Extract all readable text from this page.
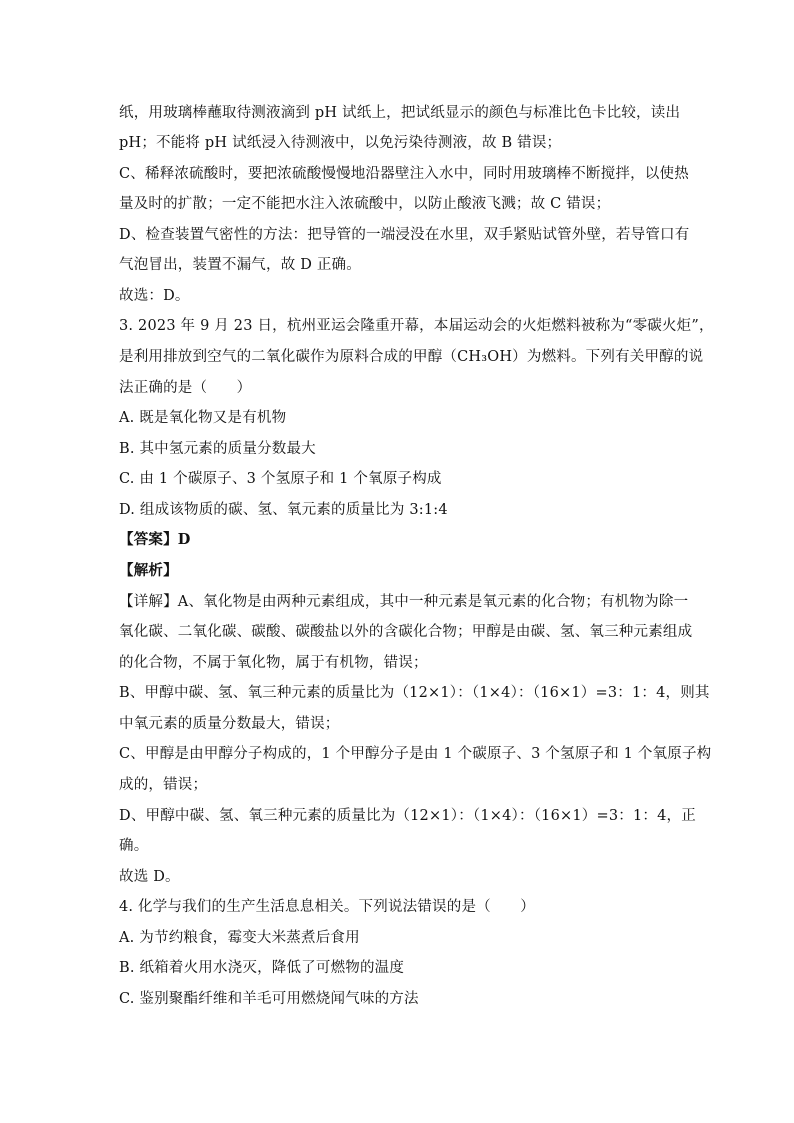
纸，用玻璃棒蘸取待测液滴到 pH 试纸上，把试纸显示的颜色与标准比色卡比较，读出
pH；不能将 pH 试纸浸入待测液中，以免污染待测液，故 B 错误；
C、稀释浓硫酸时，要把浓硫酸慢慢地沿器壁注入水中，同时用玻璃棒不断搅拌，以使热
量及时的扩散；一定不能把水注入浓硫酸中，以防止酸液飞溅；故 C 错误；
D、检查装置气密性的方法：把导管的一端浸没在水里，双手紧贴试管外壁，若导管口有
气泡冒出，装置不漏气，故 D 正确。
故选：D。
3. 2023 年 9 月 23 日，杭州亚运会隆重开幕，本届运动会的火炬燃料被称为“零碳火炬”，
是利用排放到空气的二氧化碳作为原料合成的甲醇（CH₃OH）为燃料。下列有关甲醇的说
法正确的是（　　）
A. 既是氧化物又是有机物
B. 其中氢元素的质量分数最大
C. 由 1 个碳原子、3 个氢原子和 1 个氧原子构成
D. 组成该物质的碳、氢、氧元素的质量比为 3:1:4
【答案】D
【解析】
【详解】A、氧化物是由两种元素组成，其中一种元素是氧元素的化合物；有机物为除一
氧化碳、二氧化碳、碳酸、碳酸盐以外的含碳化合物；甲醇是由碳、氢、氧三种元素组成
的化合物，不属于氧化物，属于有机物，错误；
B、甲醇中碳、氢、氧三种元素的质量比为（12×1）：（1×4）：（16×1）=3：1：4，则其
中氧元素的质量分数最大，错误；
C、甲醇是由甲醇分子构成的，1 个甲醇分子是由 1 个碳原子、3 个氢原子和 1 个氧原子构
成的，错误；
D、甲醇中碳、氢、氧三种元素的质量比为（12×1）：（1×4）：（16×1）=3：1：4，正
确。
故选 D。
4. 化学与我们的生产生活息息相关。下列说法错误的是（　　）
A. 为节约粮食，霉变大米蒸煮后食用
B. 纸箱着火用水浇灭，降低了可燃物的温度
C. 鉴别聚酯纤维和羊毛可用燃烧闻气味的方法
